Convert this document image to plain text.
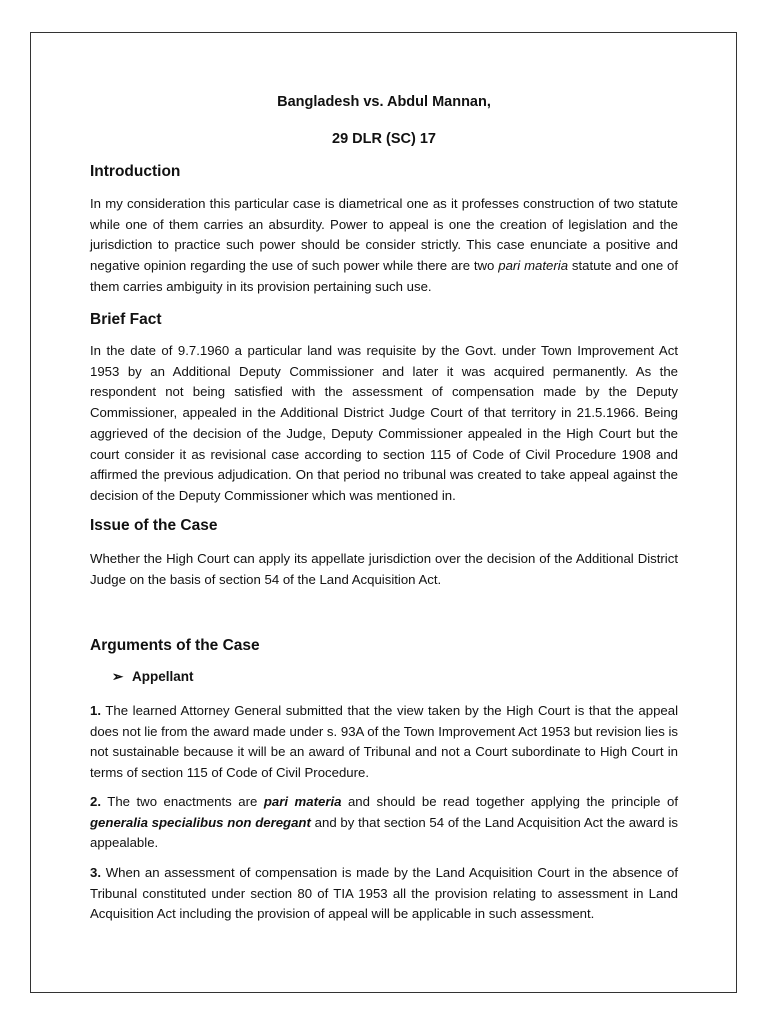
Bangladesh vs. Abdul Mannan,
29 DLR (SC) 17
Introduction

In my consideration this particular case is diametrical one as it professes construction of two statute while one of them carries an absurdity. Power to appeal is one the creation of legislation and the jurisdiction to practice such power should be consider strictly. This case enunciate a positive and negative opinion regarding the use of such power while there are two pari materia statute and one of them carries ambiguity in its provision pertaining such use.

Brief Fact

In the date of 9.7.1960 a particular land was requisite by the Govt. under Town Improvement Act 1953 by an Additional Deputy Commissioner and later it was acquired permanently. As the respondent not being satisfied with the assessment of compensation made by the Deputy Commissioner, appealed in the Additional District Judge Court of that territory in 21.5.1966. Being aggrieved of the decision of the Judge, Deputy Commissioner appealed in the High Court but the court consider it as revisional case according to section 115 of Code of Civil Procedure 1908 and affirmed the previous adjudication. On that period no tribunal was created to take appeal against the decision of the Deputy Commissioner which was mentioned in.

Issue of the Case

Whether the High Court can apply its appellate jurisdiction over the decision of the Additional District Judge on the basis of section 54 of the Land Acquisition Act.

Arguments of the Case
➢ Appellant

1. The learned Attorney General submitted that the view taken by the High Court is that the appeal does not lie from the award made under s. 93A of the Town Improvement Act 1953 but revision lies is not sustainable because it will be an award of Tribunal and not a Court subordinate to High Court in terms of section 115 of Code of Civil Procedure.

2. The two enactments are pari materia and should be read together applying the principle of generalia specialibus non deregant and by that section 54 of the Land Acquisition Act the award is appealable.

3. When an assessment of compensation is made by the Land Acquisition Court in the absence of Tribunal constituted under section 80 of TIA 1953 all the provision relating to assessment in Land Acquisition Act including the provision of appeal will be applicable in such assessment.
